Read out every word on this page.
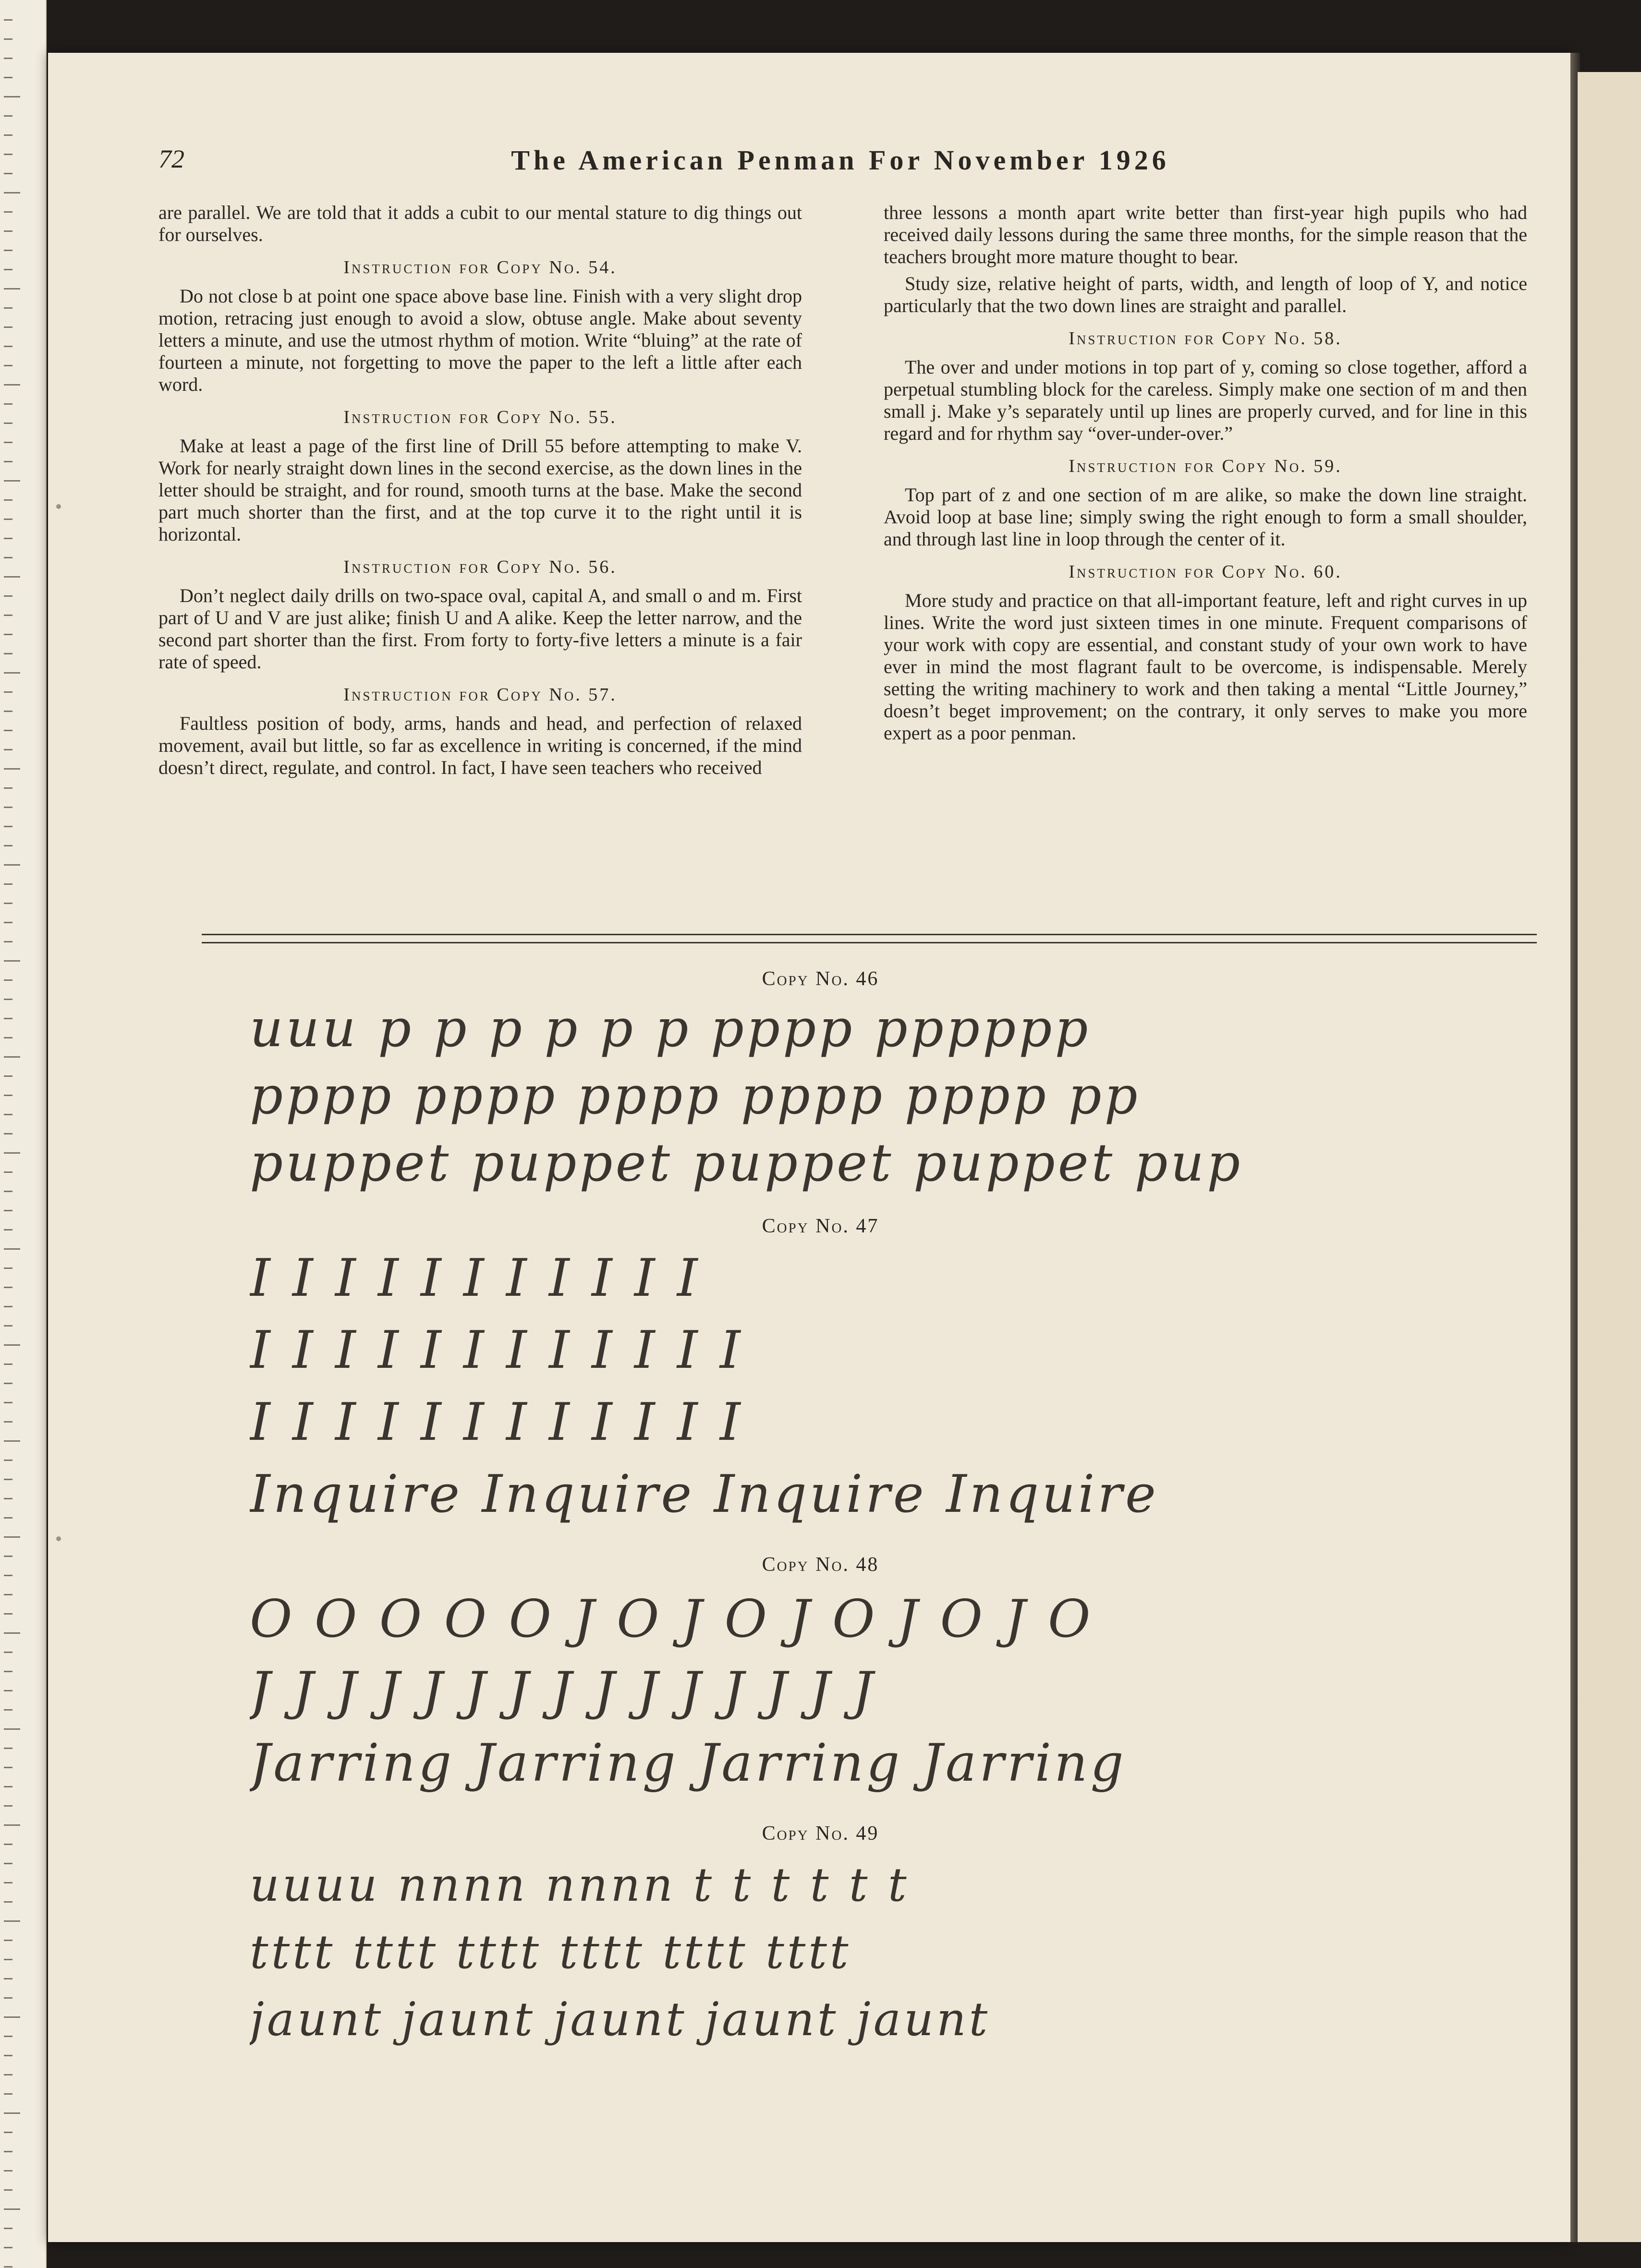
72	The American Penman For November 1926

are parallel. We are told that it adds a cubit to our mental stature to dig things out for ourselves.

Instruction for Copy No. 54.

Do not close b at point one space above base line. Finish with a very slight drop motion, retracing just enough to avoid a slow, obtuse angle. Make about seventy letters a minute, and use the utmost rhythm of motion. Write “bluing” at the rate of fourteen a minute, not forgetting to move the paper to the left a little after each word.

Instruction for Copy No. 55.

Make at least a page of the first line of Drill 55 before attempting to make V. Work for nearly straight down lines in the second exercise, as the down lines in the letter should be straight, and for round, smooth turns at the base. Make the second part much shorter than the first, and at the top curve it to the right until it is horizontal.

Instruction for Copy No. 56.

Don’t neglect daily drills on two-space oval, capital A, and small o and m. First part of U and V are just alike; finish U and A alike. Keep the letter narrow, and the second part shorter than the first. From forty to forty-five letters a minute is a fair rate of speed.

Instruction for Copy No. 57.

Faultless position of body, arms, hands and head, and perfection of relaxed movement, avail but little, so far as excellence in writing is concerned, if the mind doesn’t direct, regulate, and control. In fact, I have seen teachers who received

three lessons a month apart write better than first-year high pupils who had received daily lessons during the same three months, for the simple reason that the teachers brought more mature thought to bear.

Study size, relative height of parts, width, and length of loop of Y, and notice particularly that the two down lines are straight and parallel.

Instruction for Copy No. 58.

The over and under motions in top part of y, coming so close together, afford a perpetual stumbling block for the careless. Simply make one section of m and then small j. Make y’s separately until up lines are properly curved, and for line in this regard and for rhythm say “over-under-over.”

Instruction for Copy No. 59.

Top part of z and one section of m are alike, so make the down line straight. Avoid loop at base line; simply swing the right enough to form a small shoulder, and through last line in loop through the center of it.

Instruction for Copy No. 60.

More study and practice on that all-important feature, left and right curves in up lines. Write the word just sixteen times in one minute. Frequent comparisons of your work with copy are essential, and constant study of your own work to have ever in mind the most flagrant fault to be overcome, is indispensable. Merely setting the writing machinery to work and then taking a mental “Little Journey,” doesn’t beget improvement; on the contrary, it only serves to make you more expert as a poor penman.

Copy No. 46
uuu p p p p p p pppp pppppp
pppp pppp pppp pppp pppp pp
puppet puppet puppet puppet pup
Copy No. 47
I I I I I I I I I I I
I I I I I I I I I I I I
I I I I I I I I I I I I
Inquire Inquire Inquire Inquire
Copy No. 48
O O O O O J O J O J O J O J O
J J J J J J J J J J J J J J J
Jarring Jarring Jarring Jarring
Copy No. 49
uuuu nnnn nnnn t t t t t t
tttt tttt tttt tttt tttt tttt
jaunt jaunt jaunt jaunt jaunt
